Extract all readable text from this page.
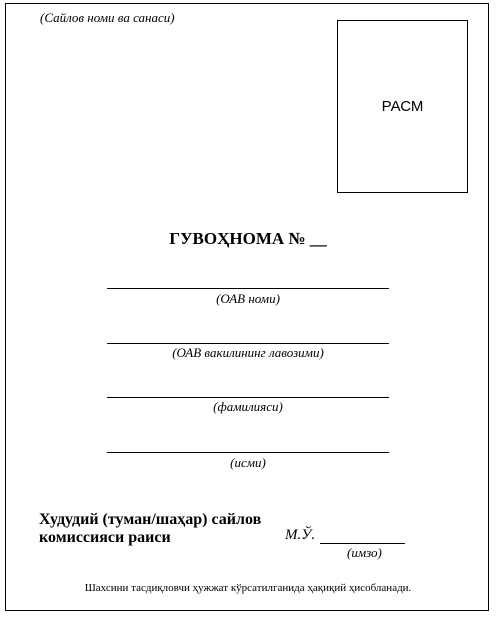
(Сайлов номи ва санаси)
РАСМ
ГУВОҲНОМА № __
(ОАВ номи)
(ОАВ вакилининг лавозими)
(фамилияси)
(исми)
Худудий (туман/шаҳар) сайлов
комиссияси раиси	М.Ў.
(имзо)
Шахсини тасдиқловчи ҳужжат кўрсатилганида ҳақиқий ҳисобланади.
